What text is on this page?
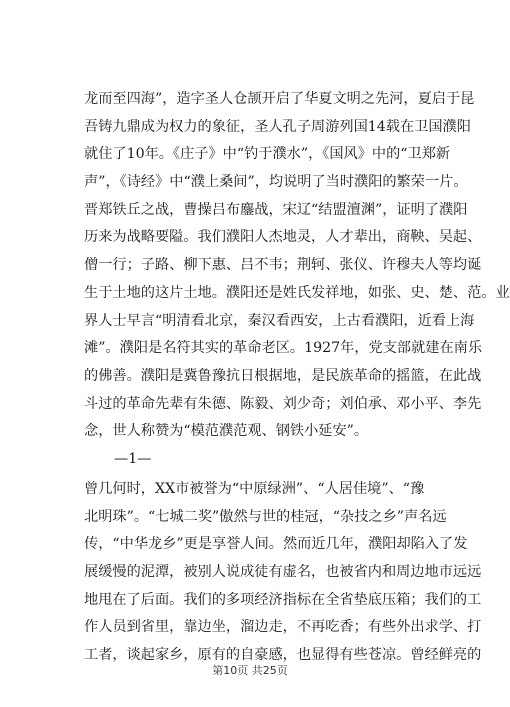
龙而至四海”，造字圣人仓颉开启了华夏文明之先河，夏启于昆
吾铸九鼎成为权力的象征，圣人孔子周游列国14载在卫国濮阳
就住了10年。《庄子》中“钓于濮水”，《国风》中的“卫郑新
声”，《诗经》中“濮上桑间”，均说明了当时濮阳的繁荣一片。
晋郑铁丘之战，曹操吕布鏖战，宋辽“结盟澶渊”，证明了濮阳
历来为战略要隘。我们濮阳人杰地灵，人才辈出，商鞅、吴起、
僧一行；子路、柳下惠、吕不韦；荆轲、张仪、许穆夫人等均诞
生于土地的这片土地。濮阳还是姓氏发祥地，如张、史、楚、范。业
界人士早言“明清看北京，秦汉看西安，上古看濮阳，近看上海
滩”。濮阳是名符其实的革命老区。1927年，党支部就建在南乐
的佛善。濮阳是冀鲁豫抗日根据地，是民族革命的摇篮，在此战
斗过的革命先辈有朱德、陈毅、刘少奇；刘伯承、邓小平、李先
念，世人称赞为“模范濮范观、钢铁小延安”。
—1—
曾几何时，XX市被誉为“中原绿洲”、“人居佳境”、“豫
北明珠”。“七城二奖”傲然与世的桂冠，“杂技之乡”声名远
传，“中华龙乡”更是享誉人间。然而近几年，濮阳却陷入了发
展缓慢的泥潭，被别人说成徒有虚名，也被省内和周边地市远远
地甩在了后面。我们的多项经济指标在全省垫底压箱；我们的工
作人员到省里，靠边坐，溜边走，不再吃香；有些外出求学、打
工者，谈起家乡，原有的自豪感，也显得有些苍凉。曾经鲜亮的
第10页 共25页
